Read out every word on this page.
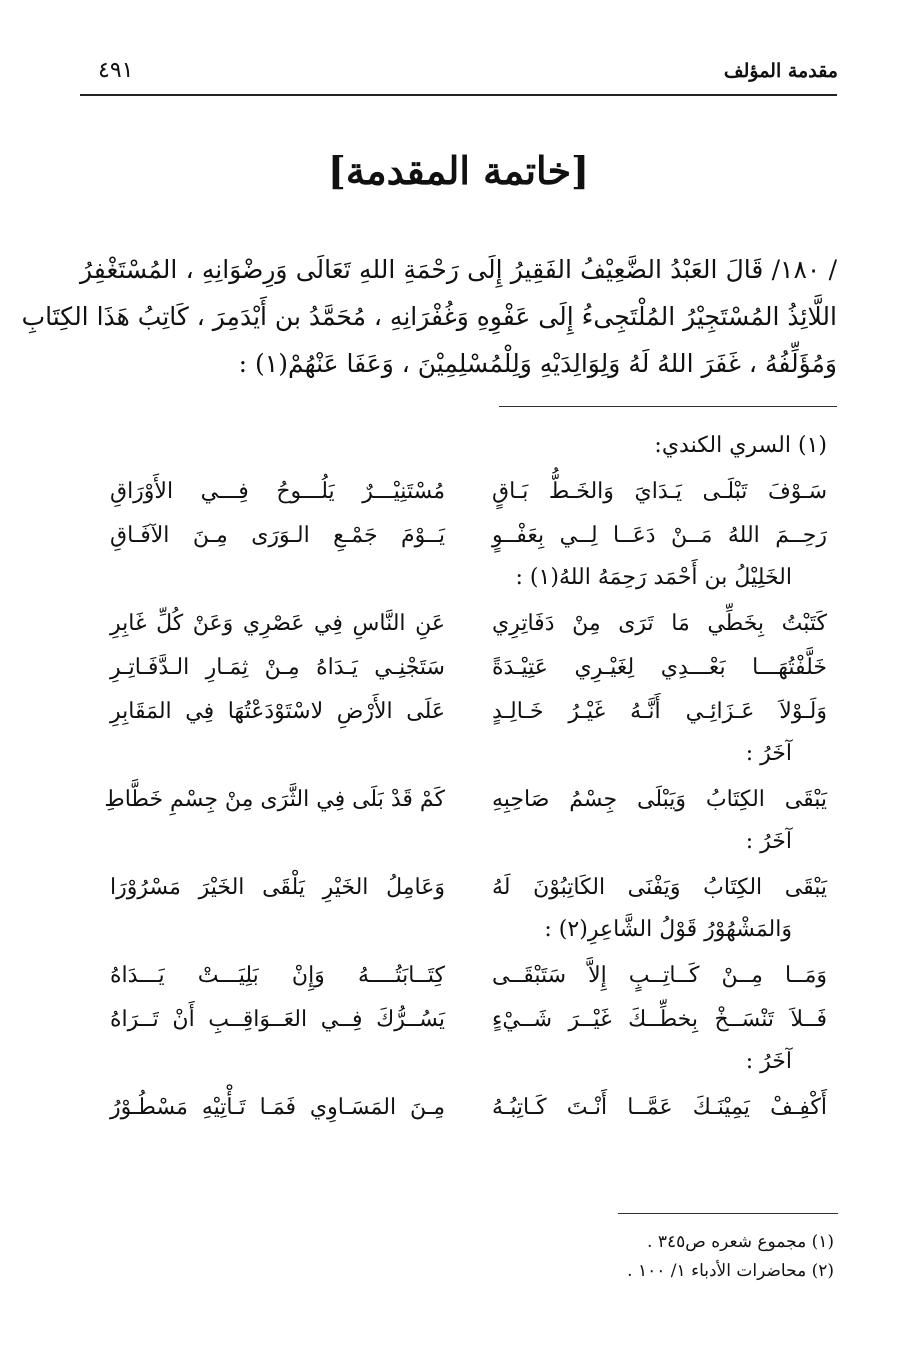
مقدمة المؤلف
٤٩١
[خاتمة المقدمة]
/ ١٨٠/ قَالَ العَبْدُ الضَّعِيْفُ الفَقِيرُ إِلَى رَحْمَةِ اللهِ تَعَالَى وَرِضْوَانِهِ ، المُسْتَغْفِرُ
اللَّائِذُ المُسْتَجِيْرُ المُلْتَجِىءُ إِلَى عَفْوِهِ وَغُفْرَانِهِ ، مُحَمَّدُ بن أَيْدَمِرَ ، كَاتِبُ هَذَا الكِتَابِ
وَمُؤَلِّفُهُ ، غَفَرَ اللهُ لَهُ وَلِوَالِدَيْهِ وَلِلْمُسْلِمِيْنَ ، وَعَفَا عَنْهُمْ(١) :
(١) السري الكندي:
سَـوْفَ تَبْلَـى يَـدَايَ وَالخَـطُّ بَـاقٍ
مُسْتَنِيْـــرٌ يَلُـــوحُ فِـــي الأَوْرَاقِ
رَحِــمَ اللهُ مَــنْ دَعَــا لِــي بِعَفْــوٍ
يَــوْمَ جَمْـعِ الـوَرَى مِـنَ الآفَـاقِ
الخَلِيْلُ بن أَحْمَد رَحِمَهُ اللهُ(١) :
كَتَبْتُ بِخَطِّي مَا تَرَى مِنْ دَفَاتِرِي
عَنِ النَّاسِ فِي عَصْرِي وَعَنْ كُلِّ غَابِرِ
خَلَّفْتُهَـــا بَعْـــدِي لِغَيْـرِي عَتِيْـدَةً
سَتَجْنِـي يَـدَاهُ مِـنْ ثِمَـارِ الـدَّفَـاتِـرِ
وَلَـوْلاَ عَـزَائِـي أَنَّـهُ غَيْـرُ خَـالِـدٍ
عَلَى الأَرْضِ لاسْتَوْدَعْتُهَا فِي المَقَابِرِ
آخَرُ :
يَبْقَى الكِتَابُ وَيَبْلَى جِسْمُ صَاحِبِهِ
كَمْ قَدْ بَلَى فِي الثَّرَى مِنْ جِسْمِ خَطَّاطِ
آخَرُ :
يَبْقَى الكِتَابُ وَيَفْنَى الكَاتِبُوْنَ لَهُ
وَعَامِلُ الخَيْرِ يَلْقَى الخَيْرَ مَسْرُوْرَا
وَالمَشْهُوْرُ قَوْلُ الشَّاعِرِ(٢) :
وَمَــا مِــنْ كَــاتِــبٍ إِلاَّ سَتَبْقَــى
كِتَــابَتُــــهُ وَإِنْ بَلِيَـــتْ يَـــدَاهُ
فَــلاَ تَنْسَــخْ بِخطِّــكَ غَيْــرَ شَــيْءٍ
يَسُــرُّكَ فِــي العَــوَاقِــبِ أَنْ تَــرَاهُ
آخَرُ :
أَكْفِـفْ يَمِيْنَـكَ عَمَّــا أَنْـتَ كَـاتِبُـهُ
مِـنَ المَسَـاوِي فَمَـا تَـأْتِيْهِ مَسْطُـوْرُ
(١) مجموع شعره ص٣٤٥ .
(٢) محاضرات الأدباء ١/ ١٠٠ .
